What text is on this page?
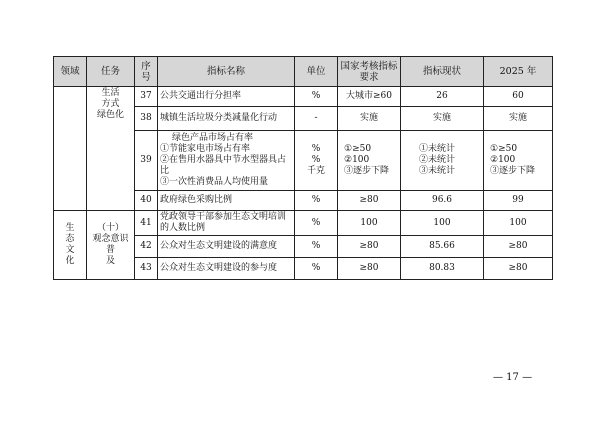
领域	任务	序号	指标名称	单位	国家考核指标要求	指标现状	2025 年

	生活
方式
绿色化	37	公共交通出行分担率	%	大城市≥60	26	60
		38	城镇生活垃圾分类减量化行动	-	实施	实施	实施
		39	绿色产品市场占有率
①节能家电市场占有率
②在售用水器具中节水型器具占比
③一次性消费品人均使用量	%
%
千克	①≥50
②100
③逐步下降	①未统计
②未统计
③未统计	①≥50
②100
③逐步下降

		40	政府绿色采购比例	%	≥80	96.6	99

生
态
文
化	（十）
观念意识普
及	41	党政领导干部参加生态文明培训的人数比例	%	100	100	100
		42	公众对生态文明建设的满意度	%	≥80	85.66	≥80
		43	公众对生态文明建设的参与度	%	≥80	80.83	≥80
— 17 —
